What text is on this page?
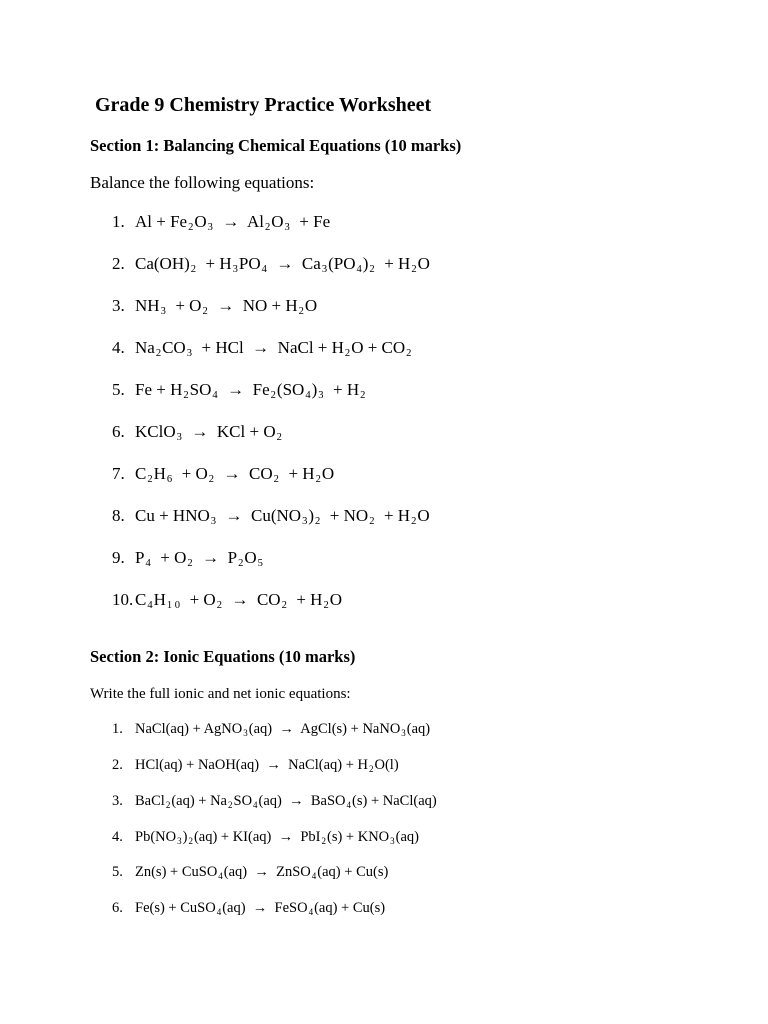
Grade 9 Chemistry Practice Worksheet
Section 1: Balancing Chemical Equations (10 marks)
Balance the following equations:
1. $Al + Fe_2O_3 \to Al_2O_3 + Fe$
2. $Ca(OH)_2 + H_3PO_4 \to Ca_3(PO_4)_2 + H_2O$
3. $NH_3 + O_2$  →  NO + $H_2O$
4. $Na_2CO_3$  + HCl  →  NaCl + $H_2O + CO_2$
5. $Fe + H_2SO_4 \to Fe_2(SO_4)_3 + H_2$
6. KClO$_3$  →  KCl + $O_2$
7. $C_2H_6 + O_2 \to CO_2 + H_2O$
8. $Cu + HNO_3 \to Cu(NO_3)_2 + NO_2 + H_2O$
9. $P_4 + O_2 \to P_2O_5$
10. $C_4H_{1 0} + O_2 \to CO_2 + H_2O$
Section 2: Ionic Equations (10 marks)
Write the full ionic and net ionic equations:
1. NaCl(aq) + AgNO$_3$(aq)  →  AgCl(s) + NaNO$_3$(aq)
2. HCl(aq) + NaOH(aq)  →  NaCl(aq) + $H_2O(l)$
3. BaCl$_2$(aq) + $Na_2SO_4(aq)$  →  BaSO$_4$(s) + NaCl(aq)
4. $Pb(NO_3)_2(aq) + KI(aq) \to PbI_2(s) + KNO_3(aq)$
5. Zn(s) + CuSO$_4$(aq)  →  ZnSO$_4$(aq) + Cu(s)
6. Fe(s) + CuSO$_4$(aq)  →  FeSO$_4$(aq) + Cu(s)
